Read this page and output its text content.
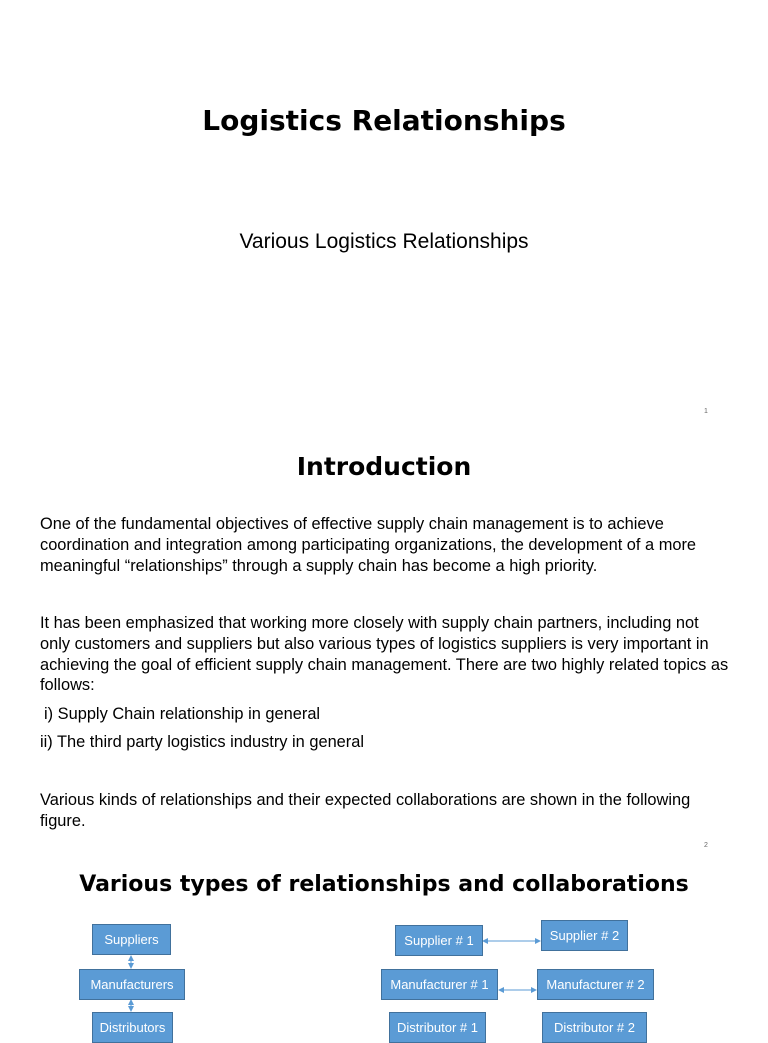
Logistics Relationships
Various Logistics Relationships
1
Introduction

One of the fundamental objectives of effective supply chain management is to achieve coordination and integration among participating organizations, the development of a more meaningful “relationships” through a supply chain has become a high priority.

It has been emphasized that working more closely with supply chain partners, including not only customers and suppliers but also various types of logistics suppliers is very important in achieving the goal of efficient supply chain management. There are two highly related topics as follows:

i) Supply Chain relationship in general

ii) The third party logistics industry in general

Various kinds of relationships and their expected collaborations are shown in the following figure.

2
Various types of relationships and collaborations
Suppliers
Manufacturers
Distributors
Supplier # 1	Supplier # 2
Manufacturer # 1	Manufacturer # 2
Distributor # 1	Distributor # 2
